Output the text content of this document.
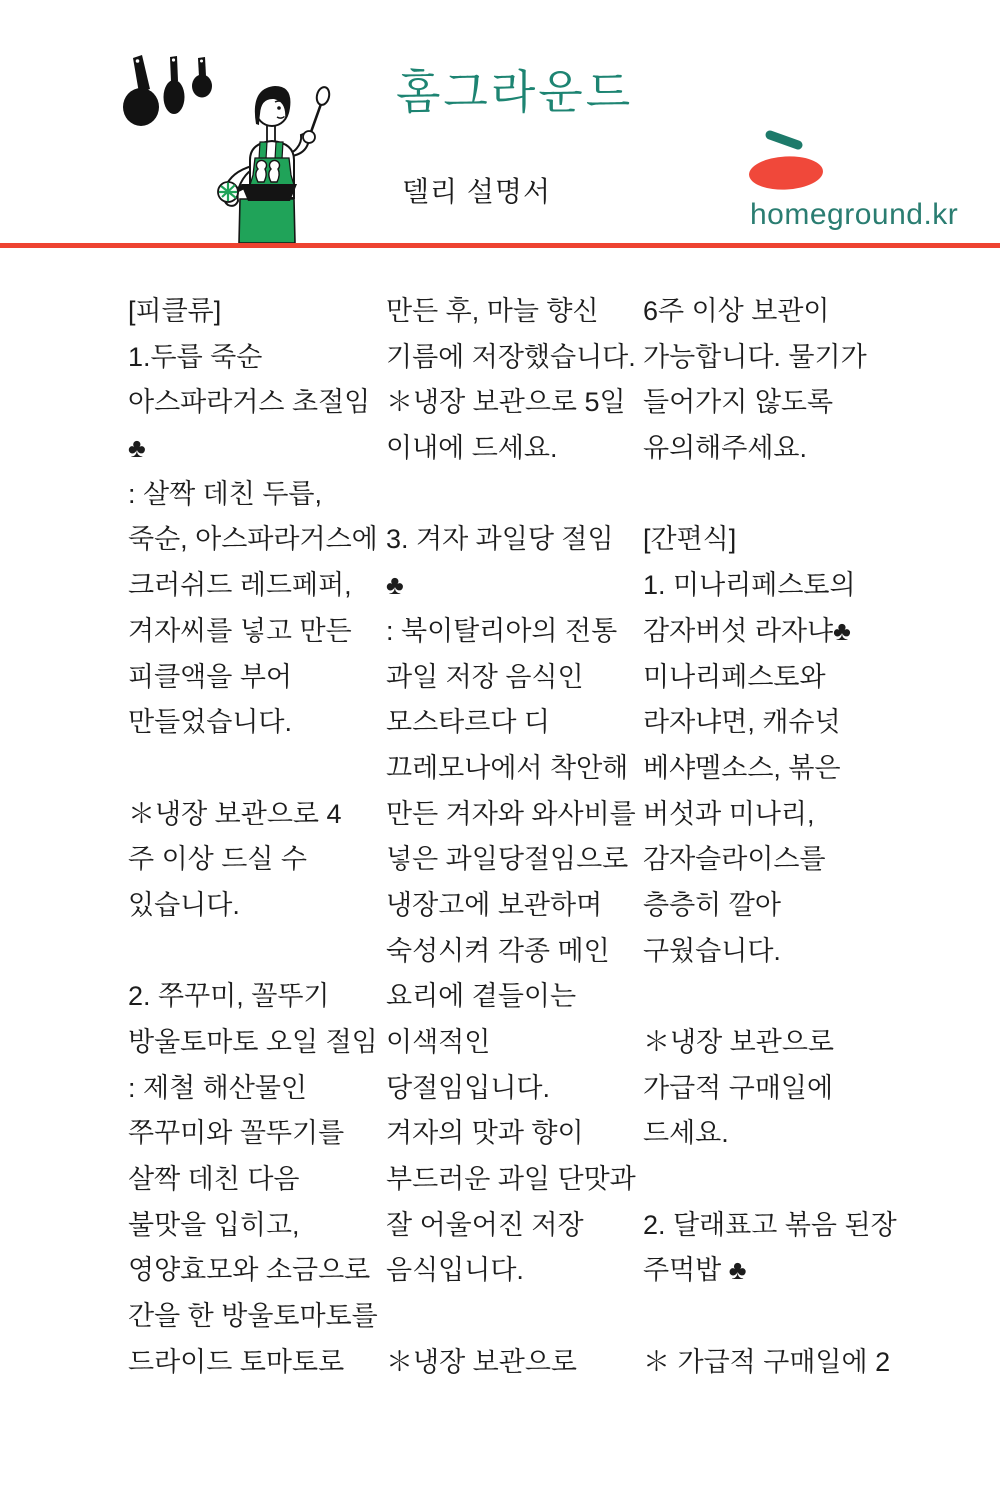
홈그라운드
델리 설명서
homeground.kr
[피클류]
1.두릅 죽순
아스파라거스 초절임
♣
: 살짝 데친 두릅,
죽순, 아스파라거스에
크러쉬드 레드페퍼,
겨자씨를 넣고 만든
피클액을 부어
만들었습니다.
＊냉장 보관으로 4
주 이상 드실 수
있습니다.
2. 쭈꾸미, 꼴뚜기
방울토마토 오일 절임
: 제철 해산물인
쭈꾸미와 꼴뚜기를
살짝 데친 다음
불맛을 입히고,
영양효모와 소금으로
간을 한 방울토마토를
드라이드 토마토로
만든 후, 마늘 향신
기름에 저장했습니다.
＊냉장 보관으로 5일
이내에 드세요.
3. 겨자 과일당 절임
♣
: 북이탈리아의 전통
과일 저장 음식인
모스타르다 디
끄레모나에서 착안해
만든 겨자와 와사비를
넣은 과일당절임으로
냉장고에 보관하며
숙성시켜 각종 메인
요리에 곁들이는
이색적인
당절임입니다.
겨자의 맛과 향이
부드러운 과일 단맛과
잘 어울어진 저장
음식입니다.
＊냉장 보관으로
6주 이상 보관이
가능합니다. 물기가
들어가지 않도록
유의해주세요.
[간편식]
1. 미나리페스토의
감자버섯 라자냐♣
미나리페스토와
라자냐면, 캐슈넛
베샤멜소스, 볶은
버섯과 미나리,
감자슬라이스를
층층히 깔아
구웠습니다.
＊냉장 보관으로
가급적 구매일에
드세요.
2. 달래표고 볶음 된장
주먹밥 ♣
＊ 가급적 구매일에 2
